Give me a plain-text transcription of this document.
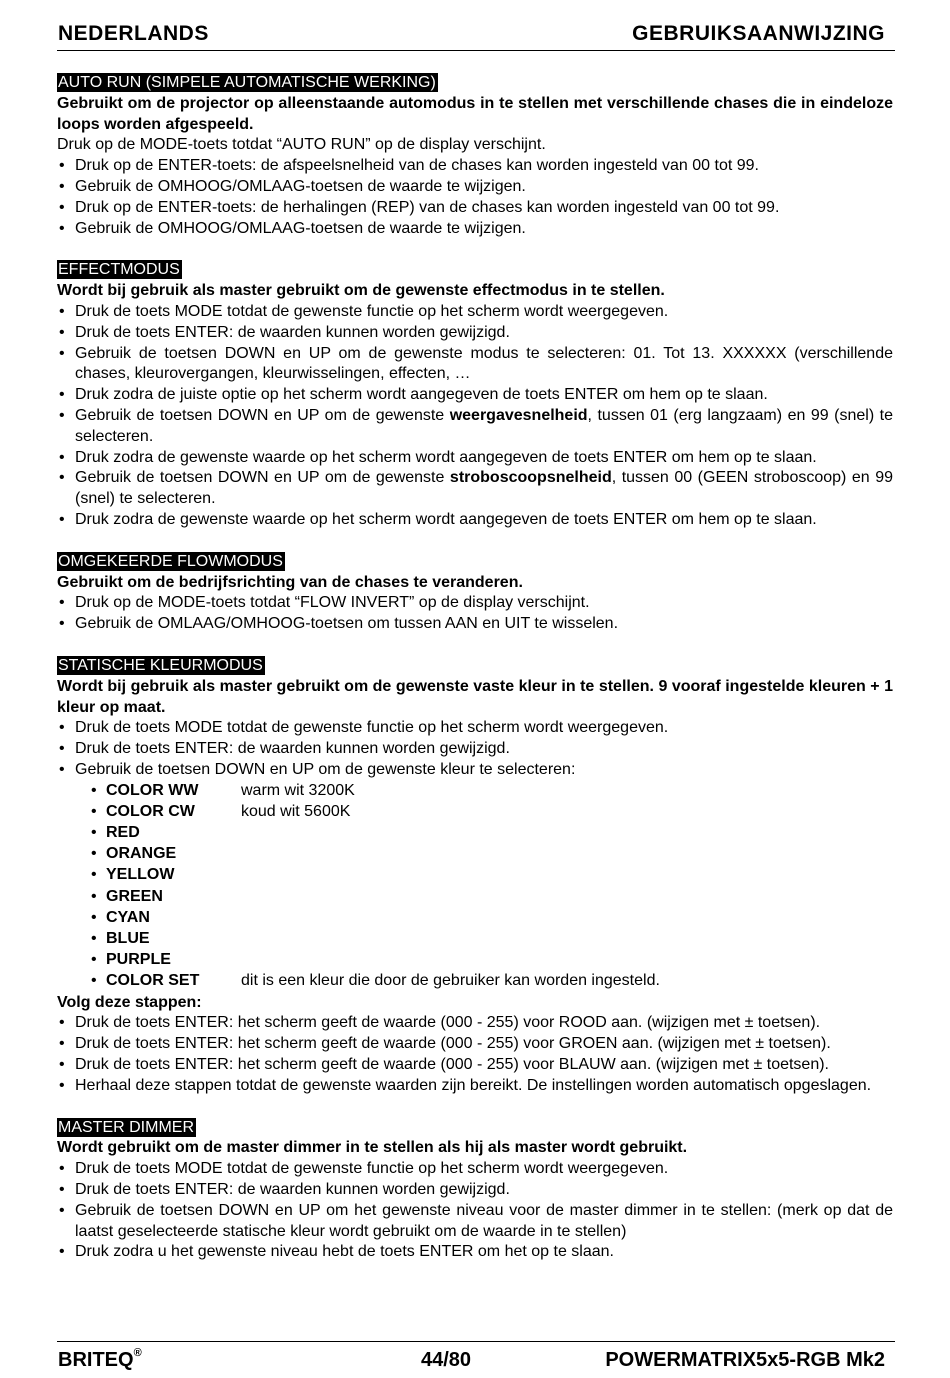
NEDERLANDS	GEBRUIKSAANWIJZING
AUTO RUN (SIMPELE AUTOMATISCHE WERKING)
Gebruikt om de projector op alleenstaande automodus in te stellen met verschillende chases die in eindeloze loops worden afgespeeld.
Druk op de MODE-toets totdat “AUTO RUN” op de display verschijnt.
• Druk op de ENTER-toets: de afspeelsnelheid van de chases kan worden ingesteld van 00 tot 99.
• Gebruik de OMHOOG/OMLAAG-toetsen de waarde te wijzigen.
• Druk op de ENTER-toets: de herhalingen (REP) van de chases kan worden ingesteld van 00 tot 99.
• Gebruik de OMHOOG/OMLAAG-toetsen de waarde te wijzigen.
EFFECTMODUS
Wordt bij gebruik als master gebruikt om de gewenste effectmodus in te stellen.
• Druk de toets MODE totdat de gewenste functie op het scherm wordt weergegeven.
• Druk de toets ENTER: de waarden kunnen worden gewijzigd.
• Gebruik de toetsen DOWN en UP om de gewenste modus te selecteren: 01. Tot 13. XXXXXX (verschillende chases, kleurovergangen, kleurwisselingen, effecten, …
• Druk zodra de juiste optie op het scherm wordt aangegeven de toets ENTER om hem op te slaan.
• Gebruik de toetsen DOWN en UP om de gewenste weergavesnelheid, tussen 01 (erg langzaam) en 99 (snel) te selecteren.
• Druk zodra de gewenste waarde op het scherm wordt aangegeven de toets ENTER om hem op te slaan.
• Gebruik de toetsen DOWN en UP om de gewenste stroboscoopsnelheid, tussen 00 (GEEN stroboscoop) en 99 (snel) te selecteren.
• Druk zodra de gewenste waarde op het scherm wordt aangegeven de toets ENTER om hem op te slaan.
OMGEKEERDE FLOWMODUS
Gebruikt om de bedrijfsrichting van de chases te veranderen.
• Druk op de MODE-toets totdat “FLOW INVERT” op de display verschijnt.
• Gebruik de OMLAAG/OMHOOG-toetsen om tussen AAN en UIT te wisselen.
STATISCHE KLEURMODUS
Wordt bij gebruik als master gebruikt om de gewenste vaste kleur in te stellen. 9 vooraf ingestelde kleuren + 1 kleur op maat.
• Druk de toets MODE totdat de gewenste functie op het scherm wordt weergegeven.
• Druk de toets ENTER: de waarden kunnen worden gewijzigd.
• Gebruik de toetsen DOWN en UP om de gewenste kleur te selecteren:
• COLOR WW	warm wit 3200K
• COLOR CW	koud wit 5600K
• RED
• ORANGE
• YELLOW
• GREEN
• CYAN
• BLUE
• PURPLE
• COLOR SET	dit is een kleur die door de gebruiker kan worden ingesteld.
Volg deze stappen:
• Druk de toets ENTER: het scherm geeft de waarde (000 - 255) voor ROOD aan. (wijzigen met ± toetsen).
• Druk de toets ENTER: het scherm geeft de waarde (000 - 255) voor GROEN aan. (wijzigen met ± toetsen).
• Druk de toets ENTER: het scherm geeft de waarde (000 - 255) voor BLAUW aan. (wijzigen met ± toetsen).
• Herhaal deze stappen totdat de gewenste waarden zijn bereikt. De instellingen worden automatisch opgeslagen.
MASTER DIMMER
Wordt gebruikt om de master dimmer in te stellen als hij als master wordt gebruikt.
• Druk de toets MODE totdat de gewenste functie op het scherm wordt weergegeven.
• Druk de toets ENTER: de waarden kunnen worden gewijzigd.
• Gebruik de toetsen DOWN en UP om het gewenste niveau voor de master dimmer in te stellen: (merk op dat de laatst geselecteerde statische kleur wordt gebruikt om de waarde in te stellen)
• Druk zodra u het gewenste niveau hebt de toets ENTER om het op te slaan.
BRITEQ®	44/80	POWERMATRIX5x5-RGB Mk2
